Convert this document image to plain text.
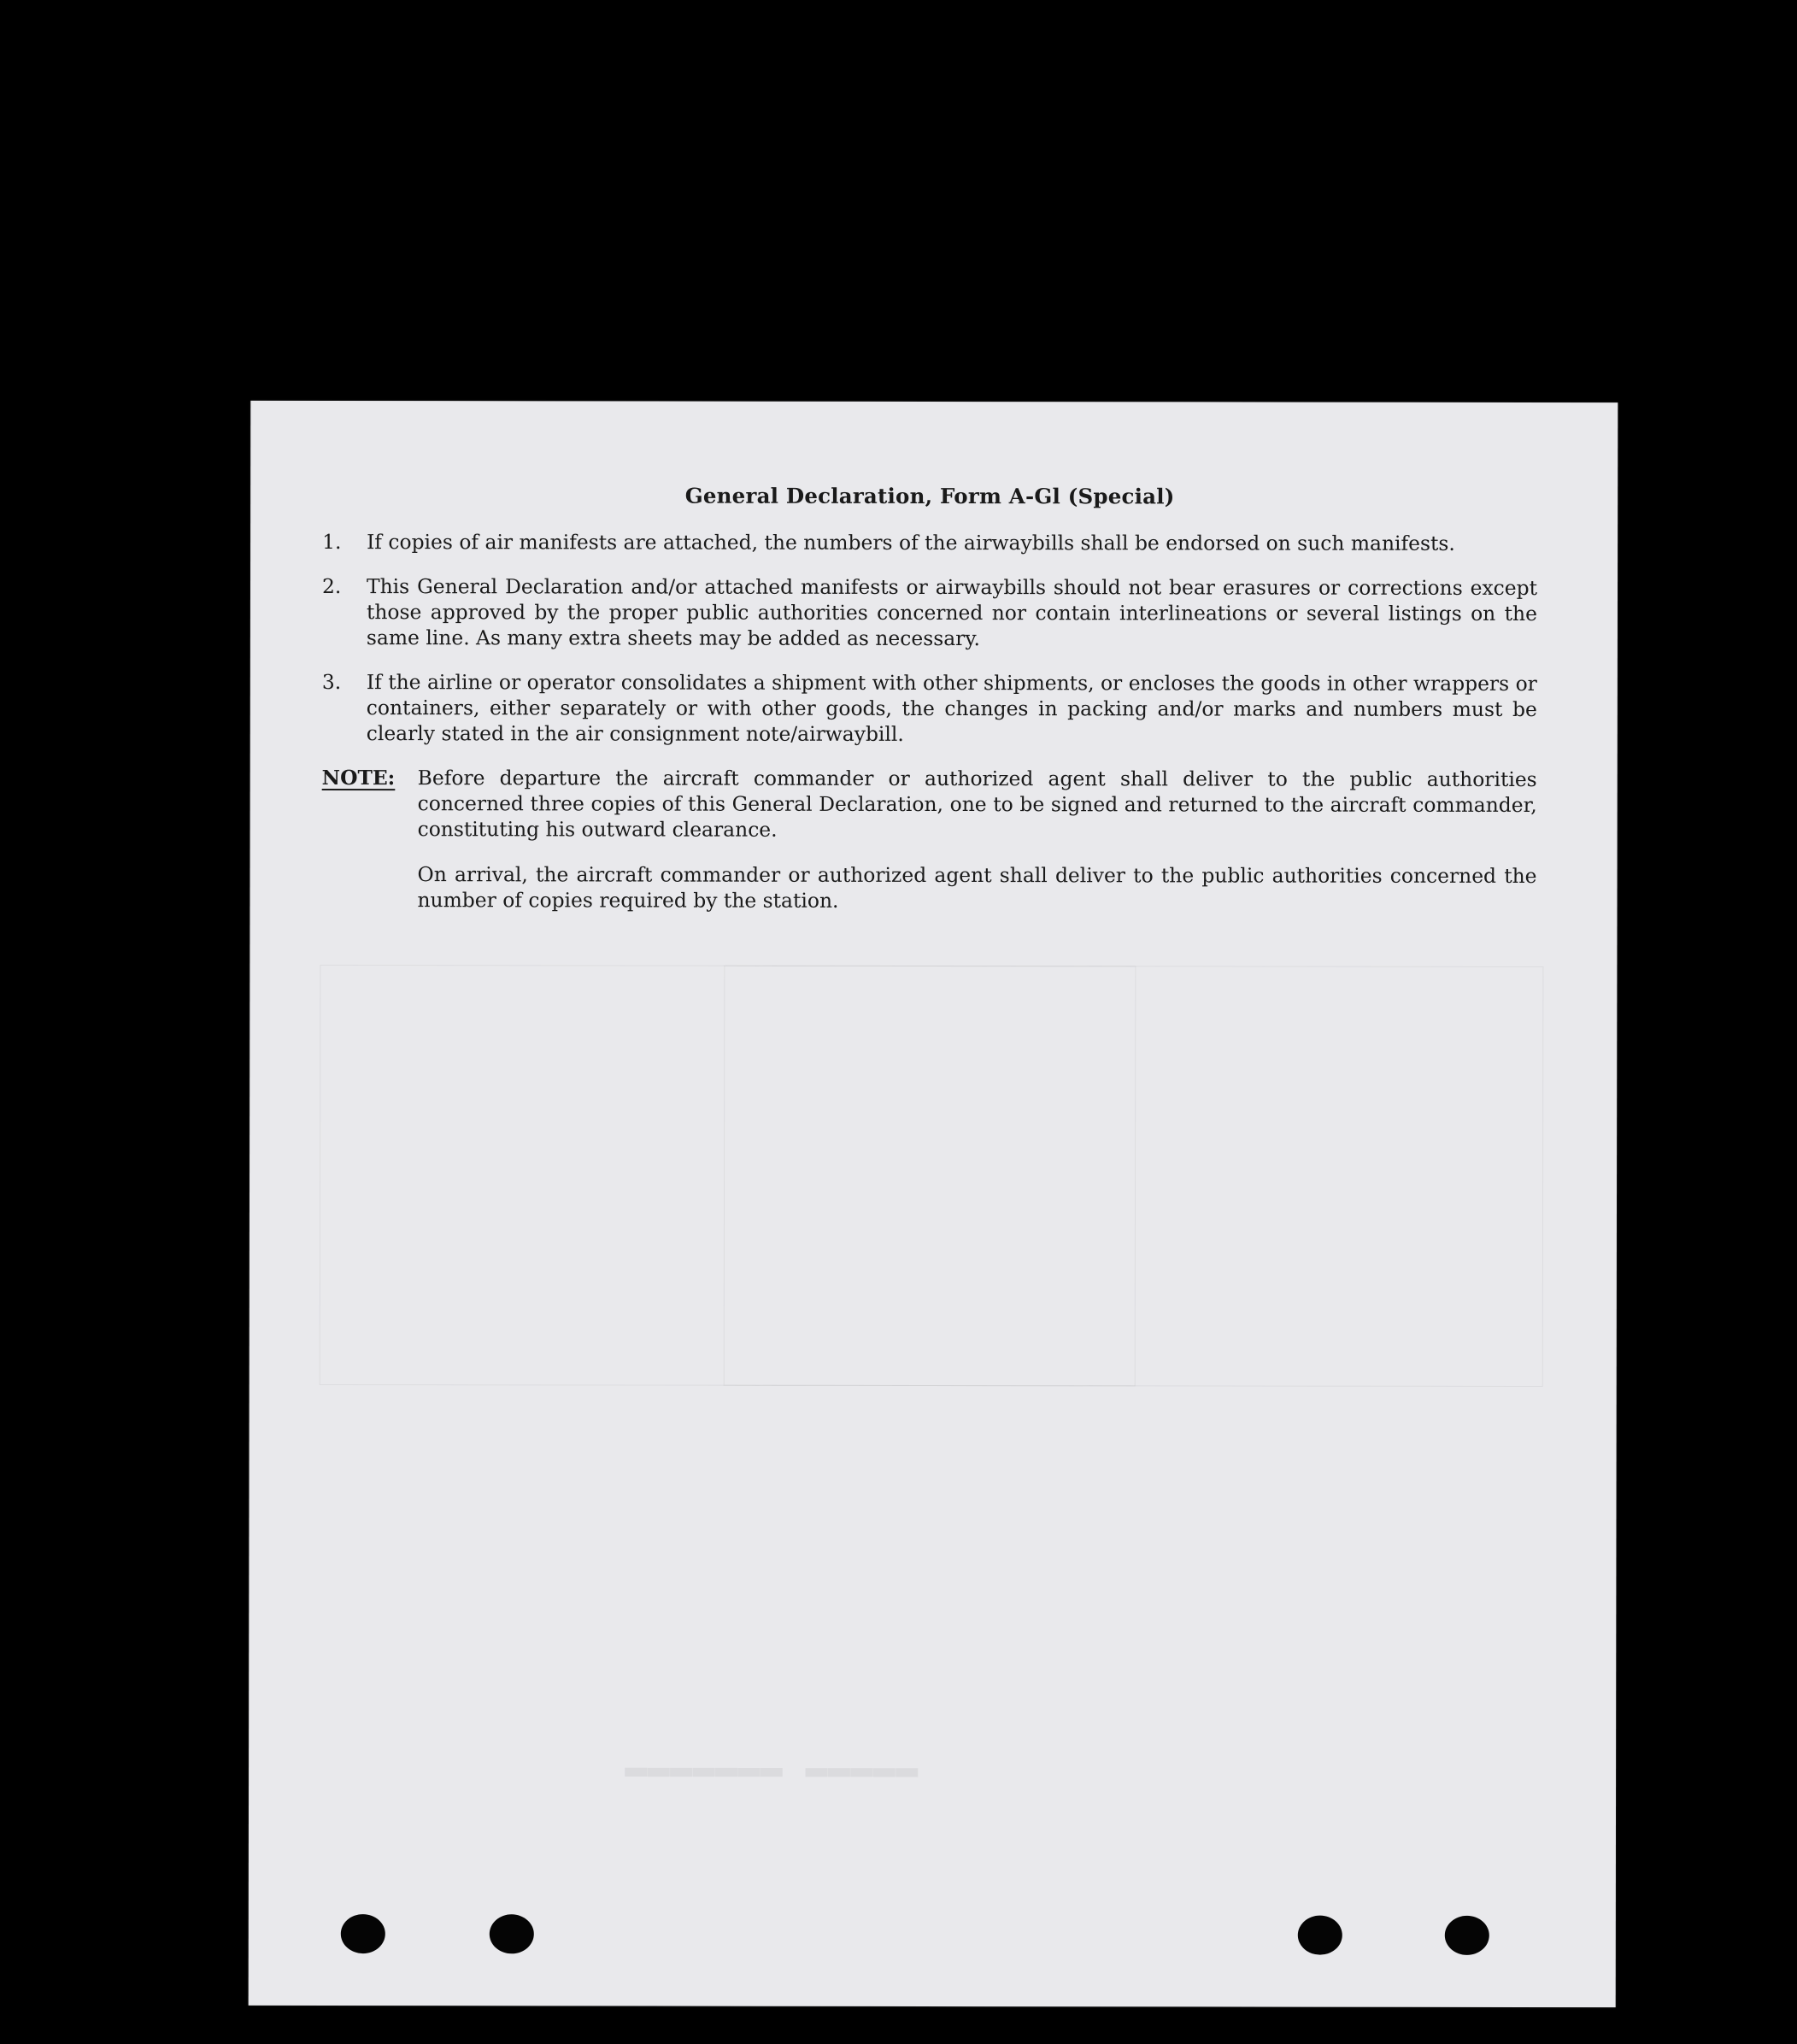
▬▬▬▬▬ ▬▬▬▬▬▬▬
General Declaration, Form A-Gl (Special)
1.	If copies of air manifests are attached, the numbers of the airwaybills shall be endorsed on such manifests.
2.	This General Declaration and/or attached manifests or airwaybills should not bear erasures or corrections except those approved by the proper public authorities concerned nor contain interlineations or several listings on the same line. As many extra sheets may be added as necessary.
3.	If the airline or operator consolidates a shipment with other shipments, or encloses the goods in other wrappers or containers, either separately or with other goods, the changes in packing and/or marks and numbers must be clearly stated in the air consignment note/airwaybill.
NOTE:	Before departure the aircraft commander or authorized agent shall deliver to the public authorities concerned three copies of this General Declaration, one to be signed and returned to the aircraft commander, constituting his outward clearance.

On arrival, the aircraft commander or authorized agent shall deliver to the public authorities concerned the number of copies required by the station.
